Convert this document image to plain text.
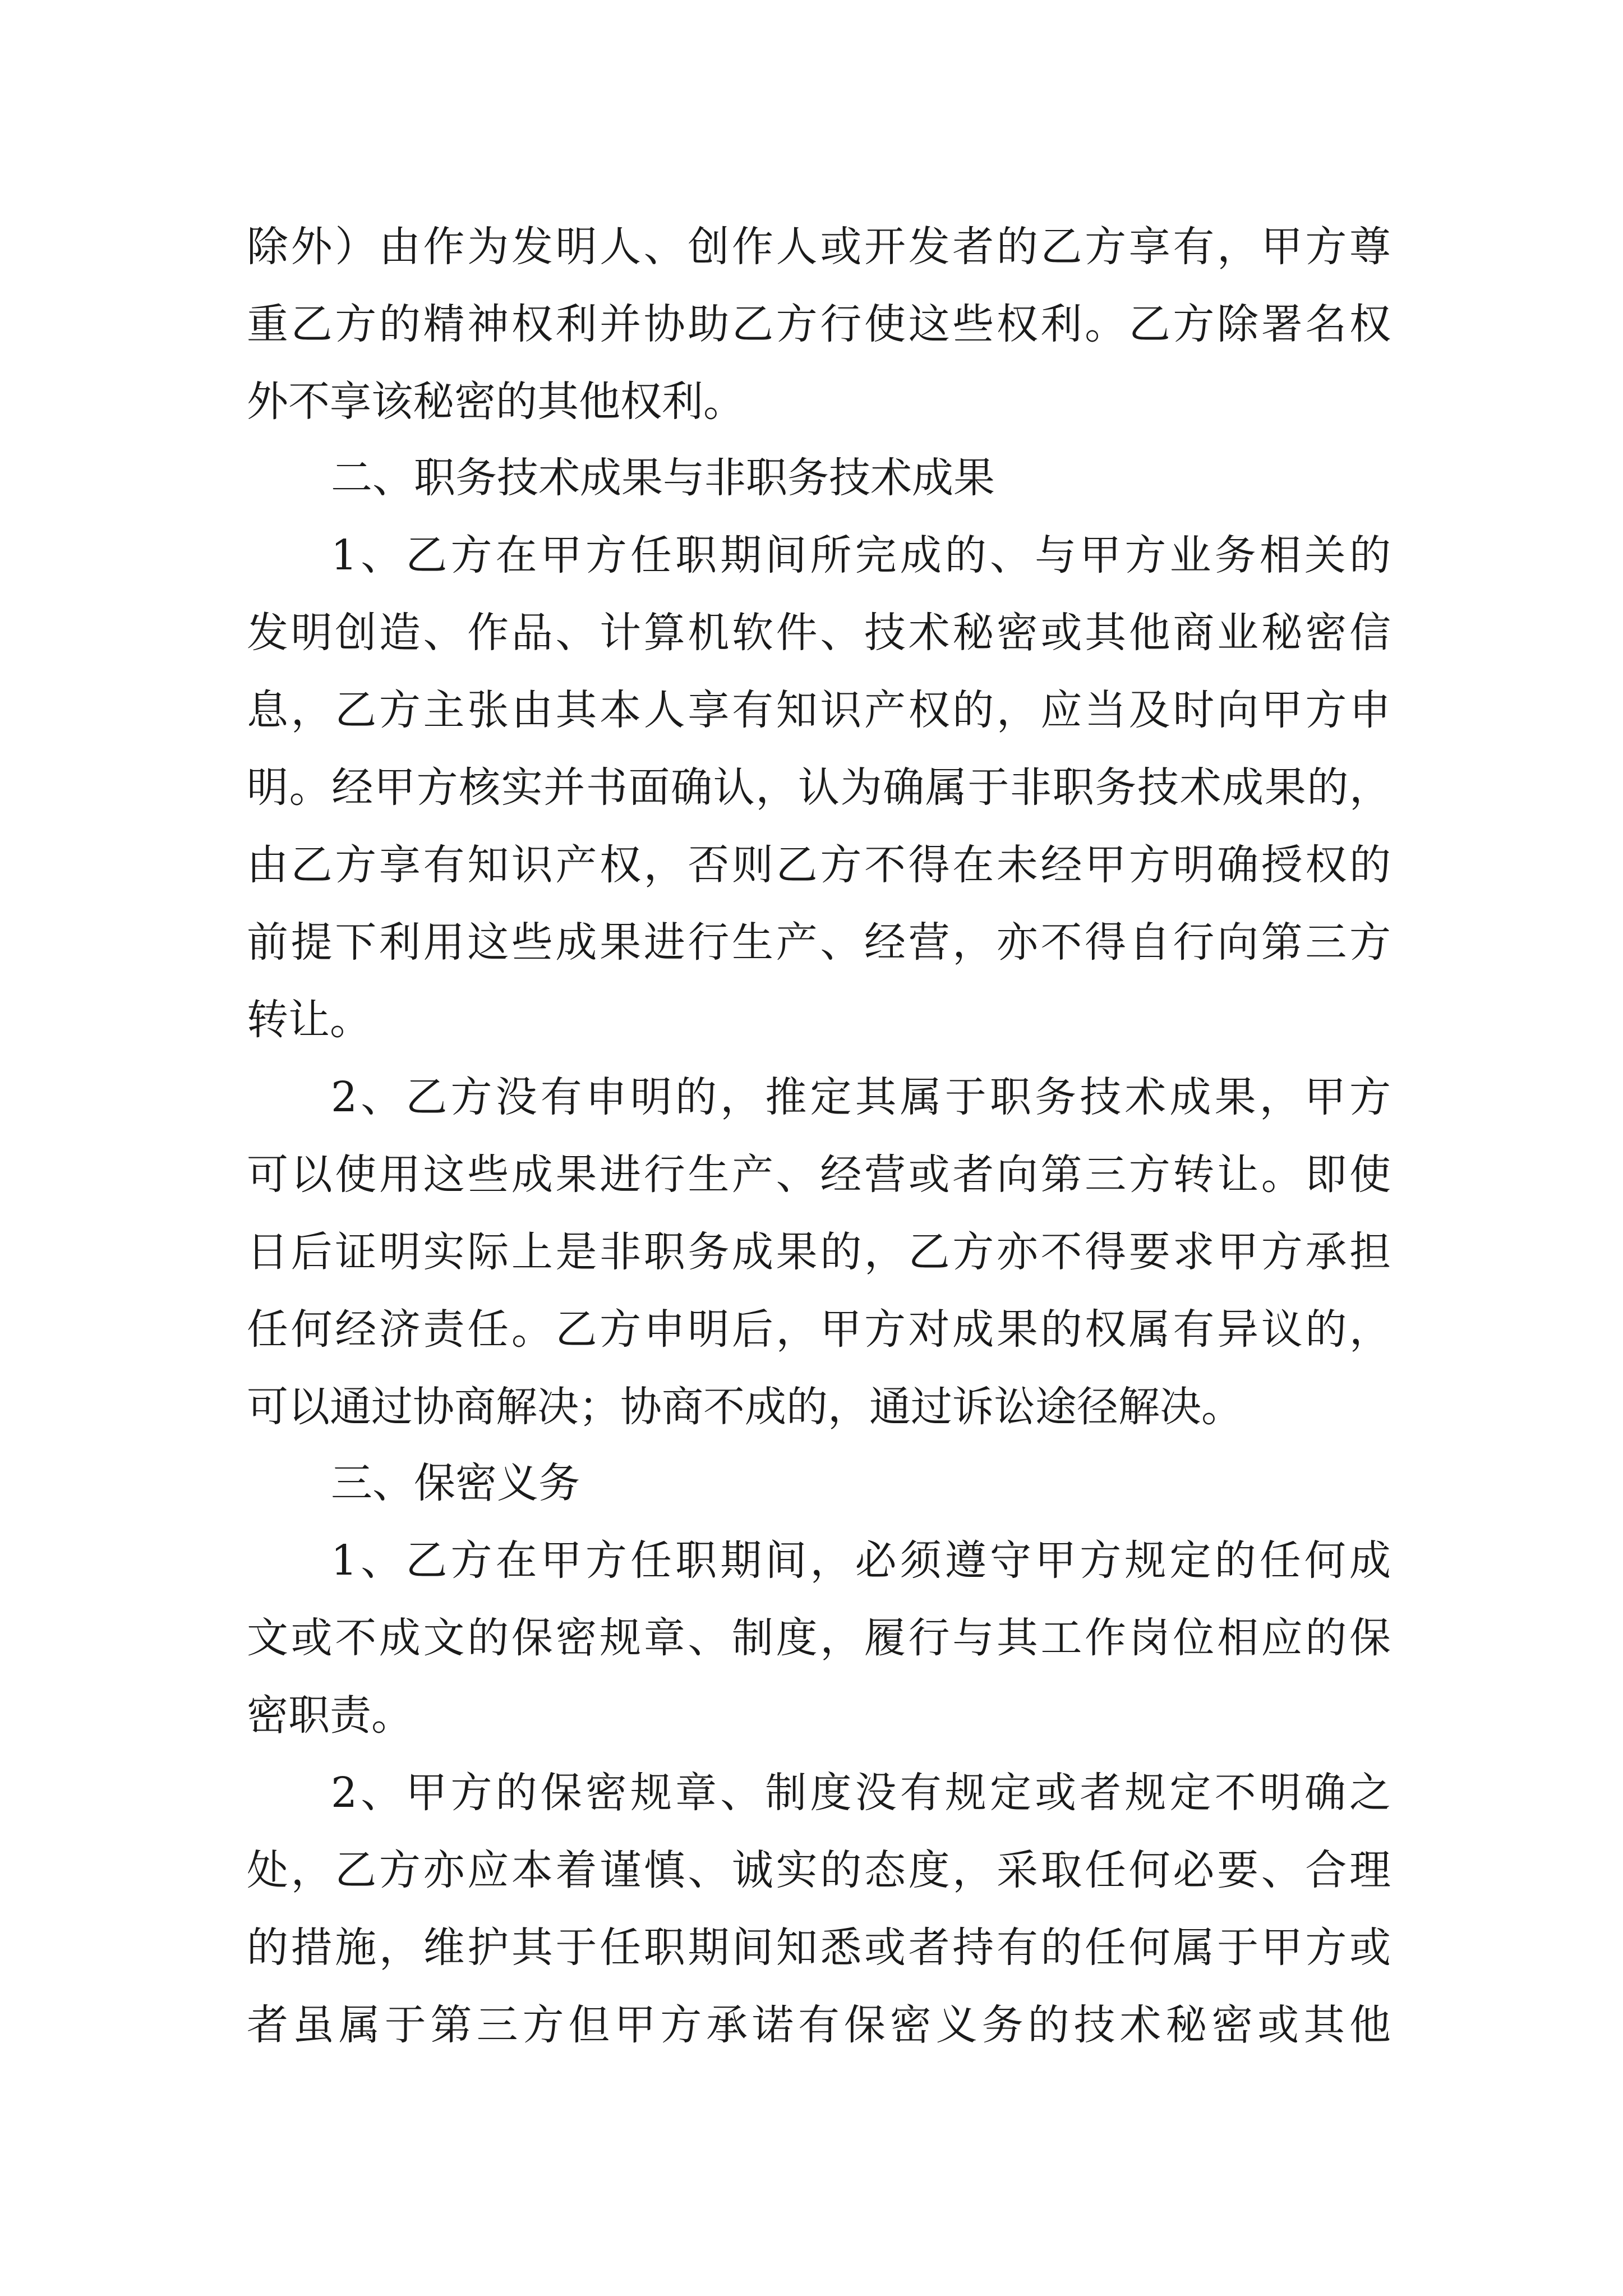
除外）由作为发明人、创作人或开发者的乙方享有，甲方尊
重乙方的精神权利并协助乙方行使这些权利。乙方除署名权
外不享该秘密的其他权利。
二、职务技术成果与非职务技术成果
1、乙方在甲方任职期间所完成的、与甲方业务相关的
发明创造、作品、计算机软件、技术秘密或其他商业秘密信
息，乙方主张由其本人享有知识产权的，应当及时向甲方申
明。经甲方核实并书面确认，认为确属于非职务技术成果的，
由乙方享有知识产权，否则乙方不得在未经甲方明确授权的
前提下利用这些成果进行生产、经营，亦不得自行向第三方
转让。
2、乙方没有申明的，推定其属于职务技术成果，甲方
可以使用这些成果进行生产、经营或者向第三方转让。即使
日后证明实际上是非职务成果的，乙方亦不得要求甲方承担
任何经济责任。乙方申明后，甲方对成果的权属有异议的，
可以通过协商解决；协商不成的，通过诉讼途径解决。
三、保密义务
1、乙方在甲方任职期间，必须遵守甲方规定的任何成
文或不成文的保密规章、制度，履行与其工作岗位相应的保
密职责。
2、甲方的保密规章、制度没有规定或者规定不明确之
处，乙方亦应本着谨慎、诚实的态度，采取任何必要、合理
的措施，维护其于任职期间知悉或者持有的任何属于甲方或
者虽属于第三方但甲方承诺有保密义务的技术秘密或其他
